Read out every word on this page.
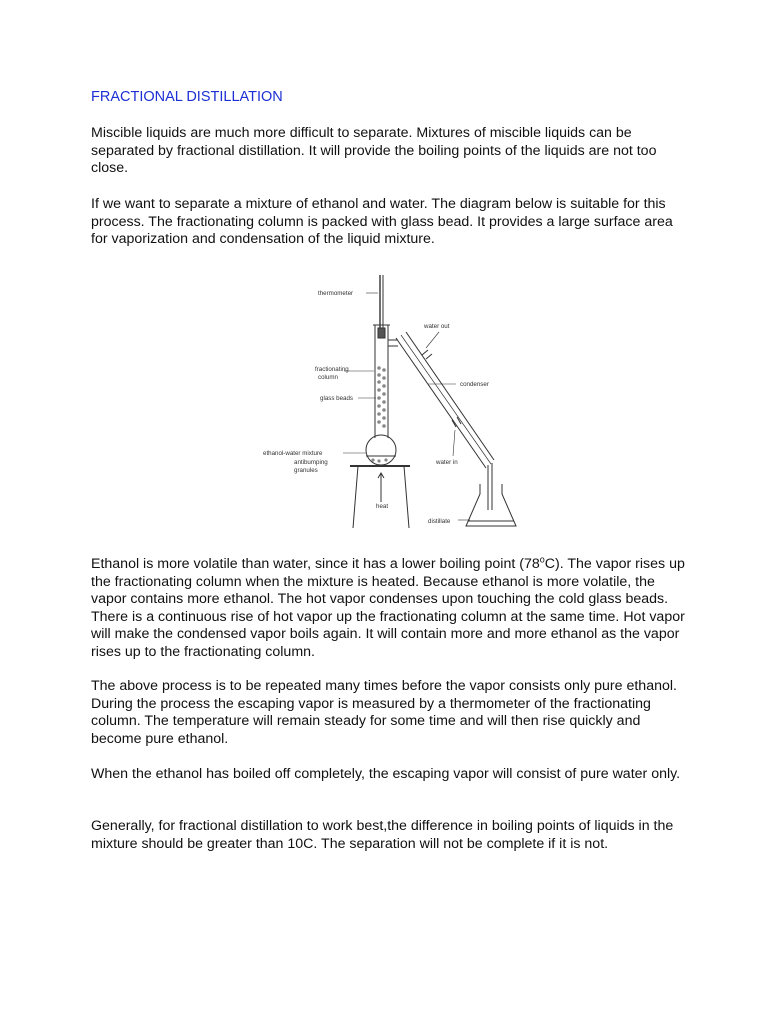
FRACTIONAL DISTILLATION
Miscible liquids are much more difficult to separate. Mixtures of miscible liquids can be separated by fractional distillation. It will provide the boiling points of the liquids are not too close.
If we want to separate a mixture of ethanol and water. The diagram below is suitable for this process. The fractionating column is packed with glass bead. It provides a large surface area for vaporization and condensation of the liquid mixture.
thermometer
water out
fractionating
column
condenser
glass beads
ethanol-water mixture
antibumping
granules
water in
heat
distillate
Ethanol is more volatile than water, since it has a lower boiling point (78$^o$C). The vapor rises up the fractionating column when the mixture is heated. Because ethanol is more volatile, the vapor contains more ethanol. The hot vapor condenses upon touching the cold glass beads. There is a continuous rise of hot vapor up the fractionating column at the same time. Hot vapor will make the condensed vapor boils again. It will contain more and more ethanol as the vapor rises up to the fractionating column.
The above process is to be repeated many times before the vapor consists only pure ethanol. During the process the escaping vapor is measured by a thermometer of the fractionating column. The temperature will remain steady for some time and will then rise quickly and become pure ethanol.
When the ethanol has boiled off completely, the escaping vapor will consist of pure water only.
Generally, for fractional distillation to work best,the difference in boiling points of liquids in the mixture should be greater than 10C. The separation will not be complete if it is not.
